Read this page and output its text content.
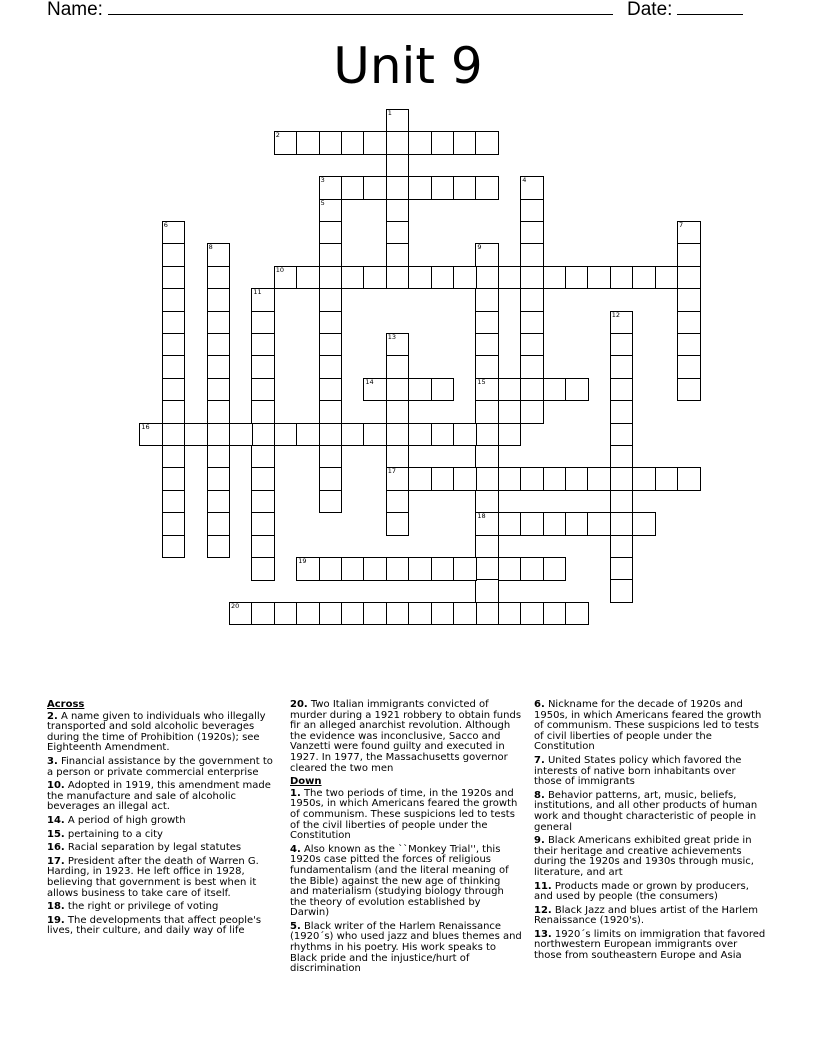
Name:	Date:
Unit 9
1
2
3	4
5
6	7
8	9
15
18
10
11
12
13
17
14
16
19
20
Across

2. A name given to individuals who illegally transported and sold alcoholic beverages during the time of Prohibition (1920s); see Eighteenth Amendment.

3. Financial assistance by the government to a person or private commercial enterprise

10. Adopted in 1919, this amendment made the manufacture and sale of alcoholic beverages an illegal act.

14. A period of high growth

15. pertaining to a city

16. Racial separation by legal statutes

17. President after the death of Warren G. Harding, in 1923. He left office in 1928, believing that government is best when it allows business to take care of itself.

18. the right or privilege of voting

19. The developments that affect people's lives, their culture, and daily way of life

20. Two Italian immigrants convicted of murder during a 1921 robbery to obtain funds fir an alleged anarchist revolution. Although the evidence was inconclusive, Sacco and Vanzetti were found guilty and executed in 1927. In 1977, the Massachusetts governor cleared the two men

Down

1. The two periods of time, in the 1920s and 1950s, in which Americans feared the growth of communism. These suspicions led to tests of the civil liberties of people under the Constitution

4. Also known as the ``Monkey Trial'', this 1920s case pitted the forces of religious fundamentalism (and the literal meaning of the Bible) against the new age of thinking and materialism (studying biology through the theory of evolution established by Darwin)

5. Black writer of the Harlem Renaissance (1920´s) who used jazz and blues themes and rhythms in his poetry. His work speaks to Black pride and the injustice/hurt of discrimination

6. Nickname for the decade of 1920s and 1950s, in which Americans feared the growth of communism. These suspicions led to tests of civil liberties of people under the Constitution

7. United States policy which favored the interests of native born inhabitants over those of immigrants

8. Behavior patterns, art, music, beliefs, institutions, and all other products of human work and thought characteristic of people in general

9. Black Americans exhibited great pride in their heritage and creative achievements during the 1920s and 1930s through music, literature, and art

11. Products made or grown by producers, and used by people (the consumers)

12. Black Jazz and blues artist of the Harlem Renaissance (1920's).

13. 1920´s limits on immigration that favored northwestern European immigrants over those from southeastern Europe and Asia
